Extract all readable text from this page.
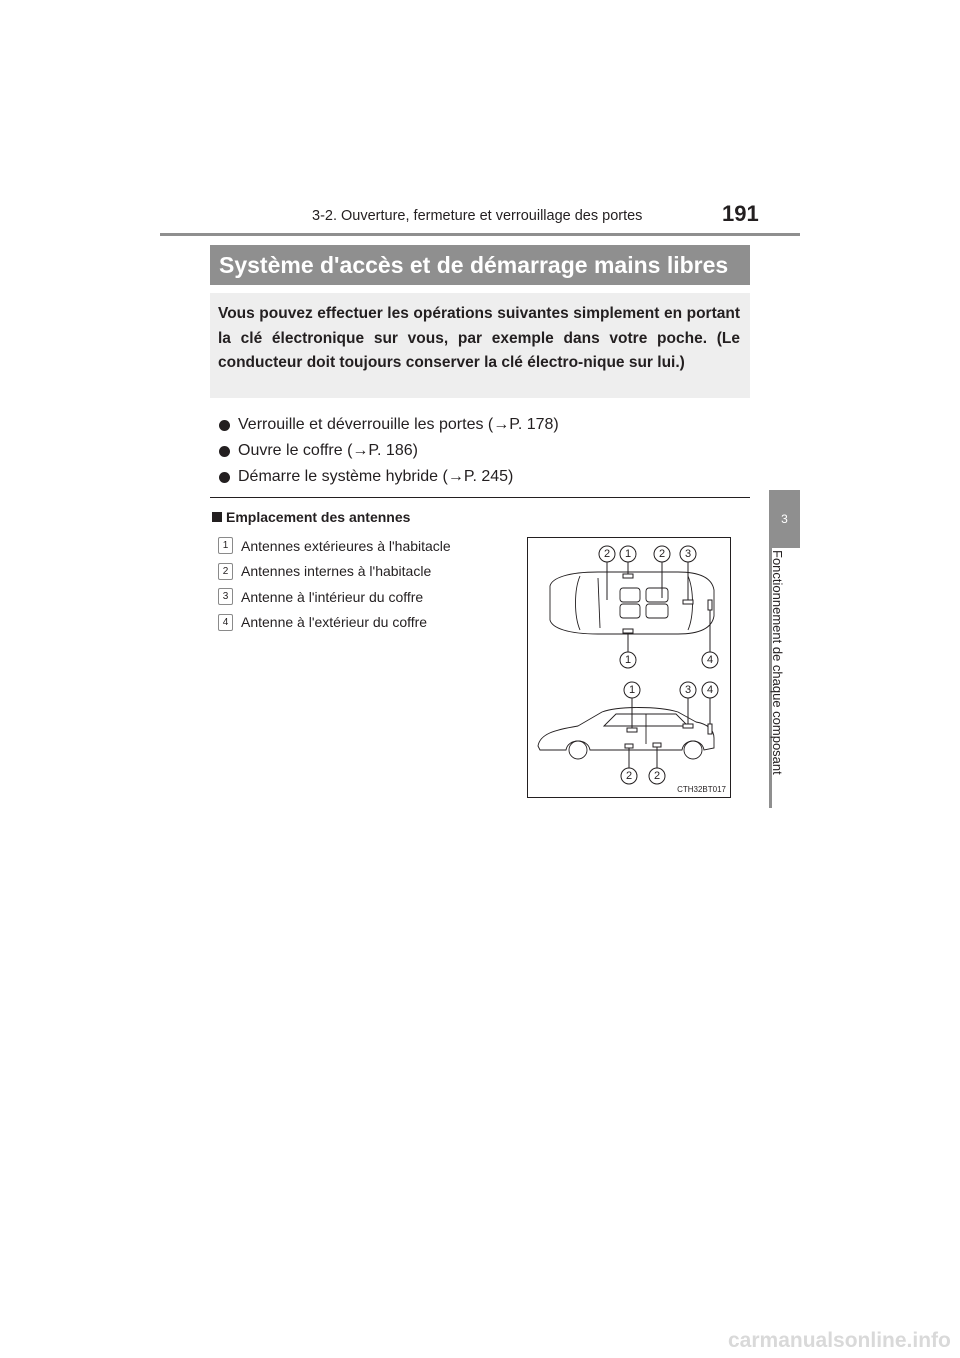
3-2. Ouverture, fermeture et verrouillage des portes	191
3
Fonctionnement de chaque composant
Système d'accès et de démarrage mains libres
Vous pouvez effectuer les opérations suivantes simplement en portant la clé électronique sur vous, par exemple dans votre poche. (Le conducteur doit toujours conserver la clé électro-nique sur lui.)
Verrouille et déverrouille les portes (→P. 178)
Ouvre le coffre (→P. 186)
Démarre le système hybride (→P. 245)
Emplacement des antennes
1 Antennes extérieures à l'habitacle
2 Antennes internes à l'habitacle
3 Antenne à l'intérieur du coffre
4 Antenne à l'extérieur du coffre
2 1	2 3
1	4
1	3 4
2 2
CTH32BT017
carmanualsonline.info
